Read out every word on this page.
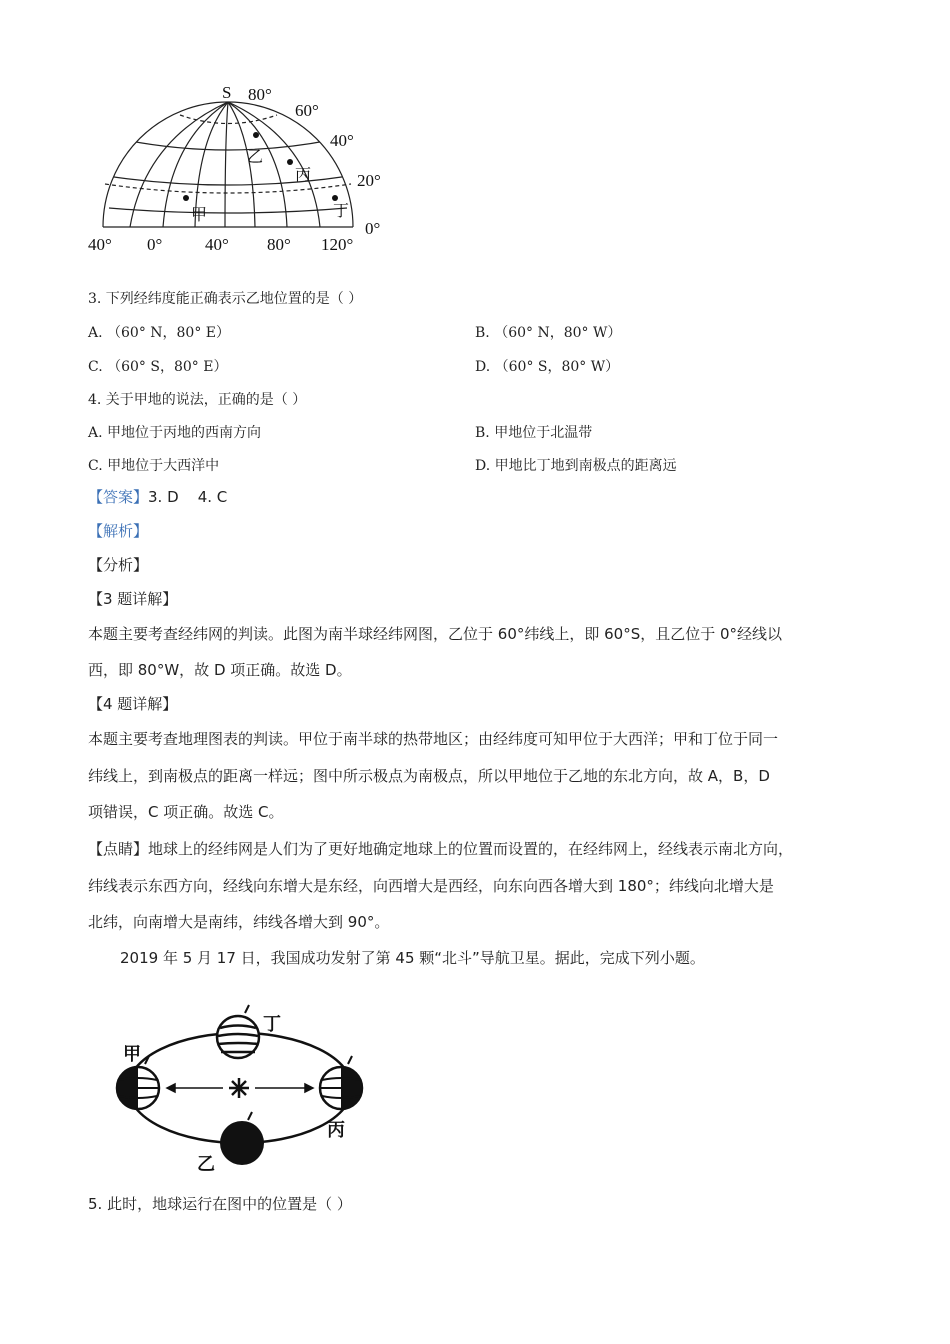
S 80°
60°
40°
20°
0°
40° 0°	40° 80° 120°
乙
丙
甲	丁
3. 下列经纬度能正确表示乙地位置的是（ ）
A. （60° N，80° E）	B. （60° N，80° W）
C. （60° S，80° E）	D. （60° S，80° W）
4. 关于甲地的说法，正确的是（ ）
A. 甲地位于丙地的西南方向	B. 甲地位于北温带
C. 甲地位于大西洋中	D. 甲地比丁地到南极点的距离远
【答案】3. D    4. C
【解析】
【分析】
【3 题详解】
本题主要考查经纬网的判读。此图为南半球经纬网图，乙位于 60°纬线上，即 60°S，且乙位于 0°经线以
西，即 80°W，故 D 项正确。故选 D。
【4 题详解】
本题主要考查地理图表的判读。甲位于南半球的热带地区；由经纬度可知甲位于大西洋；甲和丁位于同一
纬线上，到南极点的距离一样远；图中所示极点为南极点，所以甲地位于乙地的东北方向，故 A，B，D
项错误，C 项正确。故选 C。
【点睛】地球上的经纬网是人们为了更好地确定地球上的位置而设置的，在经纬网上，经线表示南北方向，
纬线表示东西方向，经线向东增大是东经，向西增大是西经，向东向西各增大到 180°；纬线向北增大是
北纬，向南增大是南纬，纬线各增大到 90°。
2019 年 5 月 17 日，我国成功发射了第 45 颗“北斗”导航卫星。据此，完成下列小题。
甲
丁
丙
乙
5. 此时，地球运行在图中的位置是（ ）
